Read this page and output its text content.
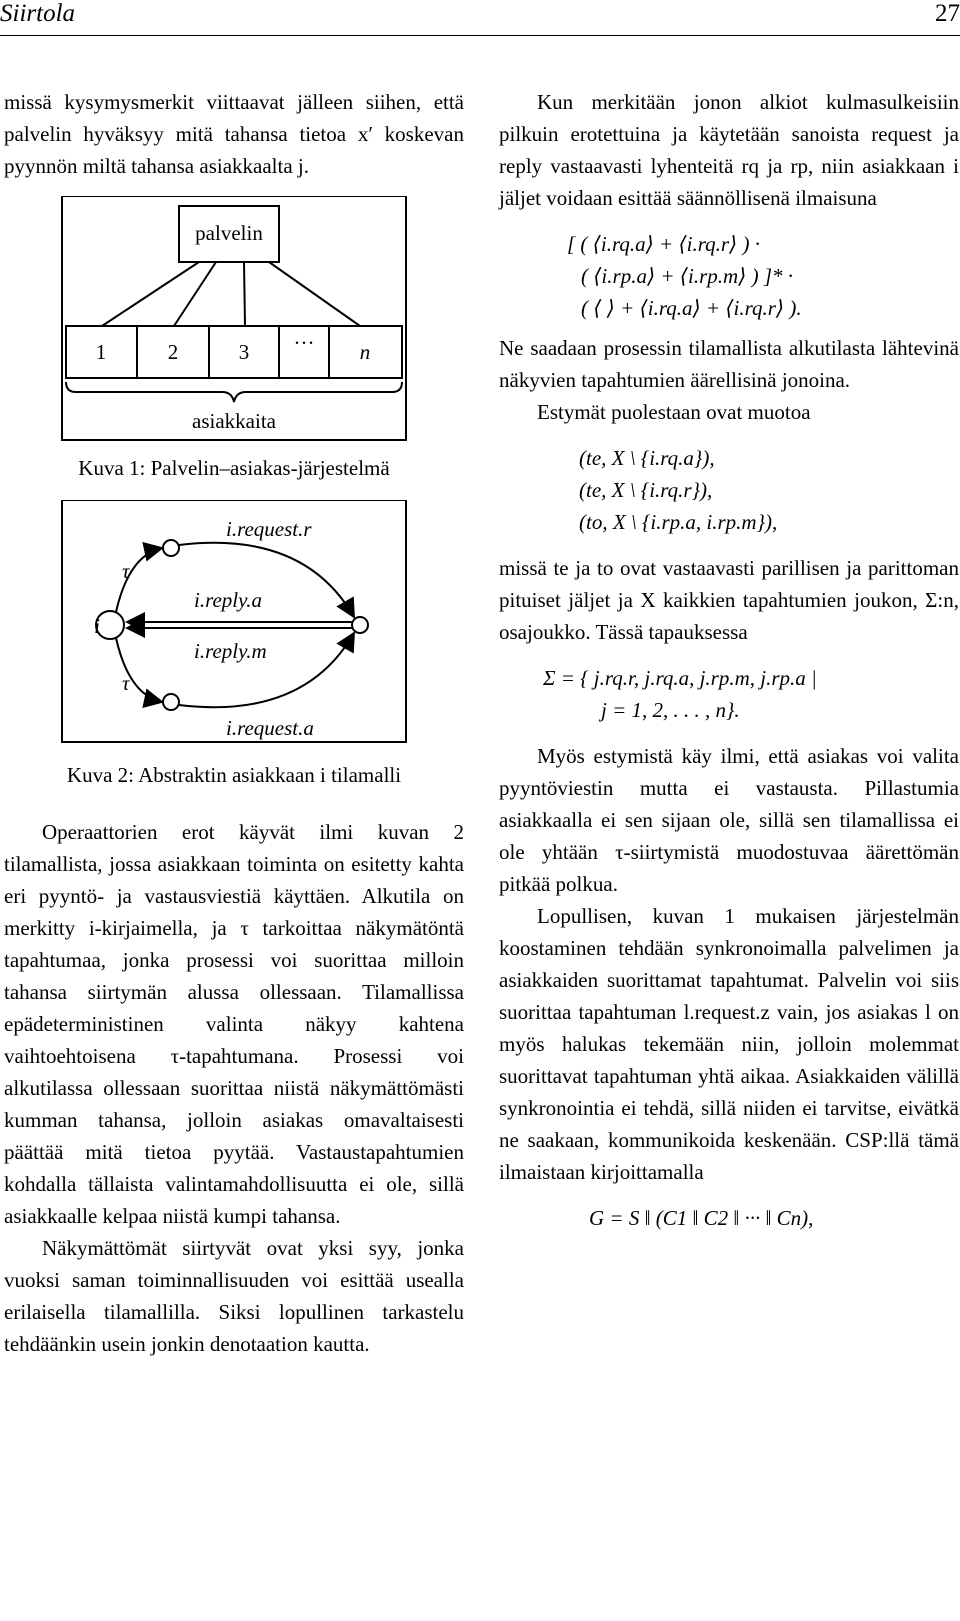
Siirtola	27

missä kysymysmerkit viittaavat jälleen siihen, että palvelin hyväksyy mitä tahansa tietoa x′ koskevan pyynnön miltä tahansa asiakkaalta j.

palvelin
1	2	3 ··· n
asiakkaita
Kuva 1: Palvelin–asiakas-järjestelmä
i
τ
τ
i.request.r
i.reply.a
i.reply.m
i.request.a
Kuva 2: Abstraktin asiakkaan i tilamalli

Operaattorien erot käyvät ilmi kuvan 2 tilamallista, jossa asiakkaan toiminta on esitetty kahta eri pyyntö- ja vastausviestiä käyttäen. Alkutila on merkitty i-kirjaimella, ja τ tarkoittaa näkymätöntä tapahtumaa, jonka prosessi voi suorittaa milloin tahansa siirtymän alussa ollessaan. Tilamallissa epädeterministinen valinta näkyy kahtena vaihtoehtoisena τ-tapahtumana. Prosessi voi alkutilassa ollessaan suorittaa niistä näkymättömästi kumman tahansa, jolloin asiakas omavaltaisesti päättää mitä tietoa pyytää. Vastaustapahtumien kohdalla tällaista valintamahdollisuutta ei ole, sillä asiakkaalle kelpaa niistä kumpi tahansa.

Näkymättömät siirtyvät ovat yksi syy, jonka vuoksi saman toiminnallisuuden voi esittää usealla erilaisella tilamallilla. Siksi lopullinen tarkastelu tehdäänkin usein jonkin denotaation kautta.

Kun merkitään jonon alkiot kulmasulkeisiin pilkuin erotettuina ja käytetään sanoista request ja reply vastaavasti lyhenteitä rq ja rp, niin asiakkaan i jäljet voidaan esittää säännöllisenä ilmaisuna

[ ( ⟨i.rq.a⟩ + ⟨i.rq.r⟩ ) ·
( ⟨i.rp.a⟩ + ⟨i.rp.m⟩ ) ]* ·
( ⟨ ⟩ + ⟨i.rq.a⟩ + ⟨i.rq.r⟩ ).

Ne saadaan prosessin tilamallista alkutilasta lähtevinä näkyvien tapahtumien äärellisinä jonoina.

Estymät puolestaan ovat muotoa

(te, X \ {i.rq.a}),
(te, X \ {i.rq.r}),
(to, X \ {i.rp.a, i.rp.m}),

missä te ja to ovat vastaavasti parillisen ja parittoman pituiset jäljet ja X kaikkien tapahtumien joukon, Σ:n, osajoukko. Tässä tapauksessa

Σ = { j.rq.r, j.rq.a, j.rp.m, j.rp.a |
j = 1, 2, . . . , n}.

Myös estymistä käy ilmi, että asiakas voi valita pyyntöviestin mutta ei vastausta. Pillastumia asiakkaalla ei sen sijaan ole, sillä sen tilamallissa ei ole yhtään τ-siirtymistä muodostuvaa äärettömän pitkää polkua.

Lopullisen, kuvan 1 mukaisen järjestelmän koostaminen tehdään synkronoimalla palvelimen ja asiakkaiden suorittamat tapahtumat. Palvelin voi siis suorittaa tapahtuman l.request.z vain, jos asiakas l on myös halukas tekemään niin, jolloin molemmat suorittavat tapahtuman yhtä aikaa. Asiakkaiden välillä synkronointia ei tehdä, sillä niiden ei tarvitse, eivätkä ne saakaan, kommunikoida keskenään. CSP:llä tämä ilmaistaan kirjoittamalla

G = S ‖ (C1 ‖ C2 ‖ ··· ‖ Cn),
